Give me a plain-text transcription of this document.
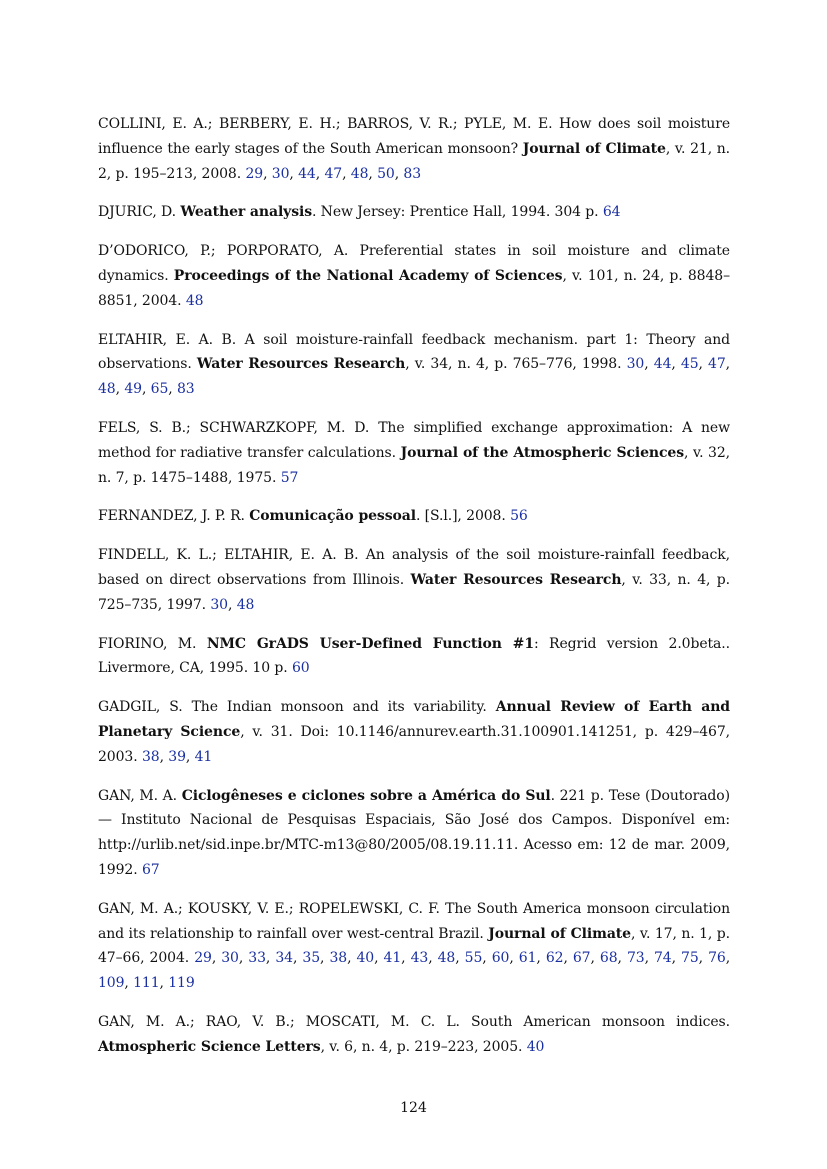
COLLINI, E. A.; BERBERY, E. H.; BARROS, V. R.; PYLE, M. E. How does soil moisture influence the early stages of the South American monsoon? Journal of Climate, v. 21, n. 2, p. 195–213, 2008. 29, 30, 44, 47, 48, 50, 83
DJURIC, D. Weather analysis. New Jersey: Prentice Hall, 1994. 304 p. 64
D’ODORICO, P.; PORPORATO, A. Preferential states in soil moisture and climate dynamics. Proceedings of the National Academy of Sciences, v. 101, n. 24, p. 8848–8851, 2004. 48
ELTAHIR, E. A. B. A soil moisture-rainfall feedback mechanism. part 1: Theory and observations. Water Resources Research, v. 34, n. 4, p. 765–776, 1998. 30, 44, 45, 47, 48, 49, 65, 83
FELS, S. B.; SCHWARZKOPF, M. D. The simplified exchange approximation: A new method for radiative transfer calculations. Journal of the Atmospheric Sciences, v. 32, n. 7, p. 1475–1488, 1975. 57
FERNANDEZ, J. P. R. Comunicação pessoal. [S.l.], 2008. 56
FINDELL, K. L.; ELTAHIR, E. A. B. An analysis of the soil moisture-rainfall feedback, based on direct observations from Illinois. Water Resources Research, v. 33, n. 4, p. 725–735, 1997. 30, 48
FIORINO, M. NMC GrADS User-Defined Function #1: Regrid version 2.0beta.. Livermore, CA, 1995. 10 p. 60
GADGIL, S. The Indian monsoon and its variability. Annual Review of Earth and Planetary Science, v. 31. Doi: 10.1146/annurev.earth.31.100901.141251, p. 429–467, 2003. 38, 39, 41
GAN, M. A. Ciclogêneses e ciclones sobre a América do Sul. 221 p. Tese (Doutorado) — Instituto Nacional de Pesquisas Espaciais, São José dos Campos. Disponível em: http://urlib.net/sid.inpe.br/MTC-m13@80/2005/08.19.11.11. Acesso em: 12 de mar. 2009, 1992. 67
GAN, M. A.; KOUSKY, V. E.; ROPELEWSKI, C. F. The South America monsoon circulation and its relationship to rainfall over west-central Brazil. Journal of Climate, v. 17, n. 1, p. 47–66, 2004. 29, 30, 33, 34, 35, 38, 40, 41, 43, 48, 55, 60, 61, 62, 67, 68, 73, 74, 75, 76, 109, 111, 119
GAN, M. A.; RAO, V. B.; MOSCATI, M. C. L. South American monsoon indices. Atmospheric Science Letters, v. 6, n. 4, p. 219–223, 2005. 40
124
